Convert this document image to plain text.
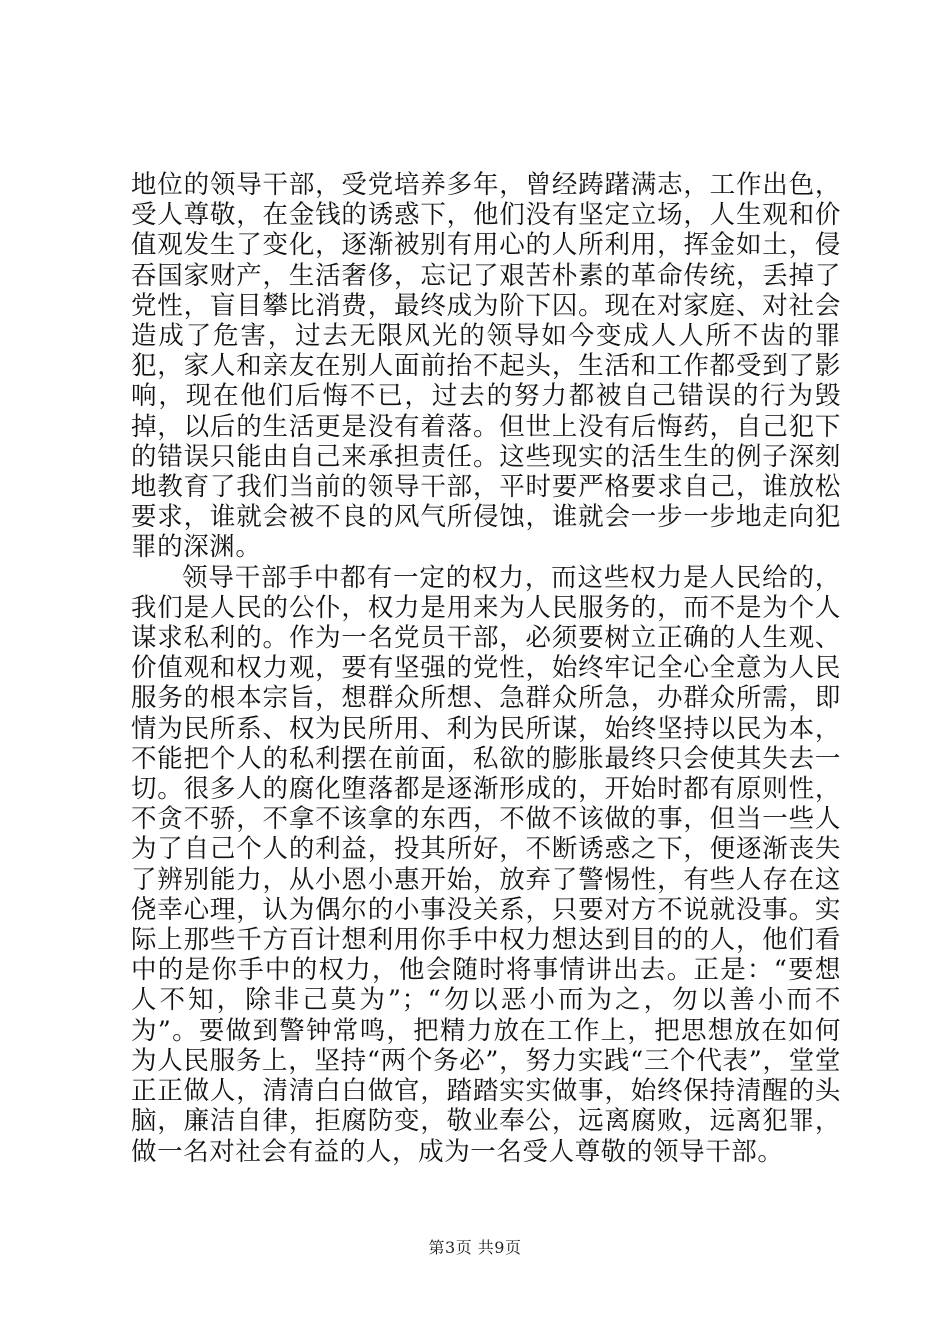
地位的领导干部，受党培养多年，曾经踌躇满志，工作出色，受人尊敬，在金钱的诱惑下，他们没有坚定立场，人生观和价值观发生了变化，逐渐被别有用心的人所利用，挥金如土，侵吞国家财产，生活奢侈，忘记了艰苦朴素的革命传统，丢掉了党性，盲目攀比消费，最终成为阶下囚。现在对家庭、对社会造成了危害，过去无限风光的领导如今变成人人所不齿的罪犯，家人和亲友在别人面前抬不起头，生活和工作都受到了影响，现在他们后悔不已，过去的努力都被自己错误的行为毁掉，以后的生活更是没有着落。但世上没有后悔药，自己犯下的错误只能由自己来承担责任。这些现实的活生生的例子深刻地教育了我们当前的领导干部，平时要严格要求自己，谁放松要求，谁就会被不良的风气所侵蚀，谁就会一步一步地走向犯罪的深渊。

领导干部手中都有一定的权力，而这些权力是人民给的，我们是人民的公仆，权力是用来为人民服务的，而不是为个人谋求私利的。作为一名党员干部，必须要树立正确的人生观、价值观和权力观，要有坚强的党性，始终牢记全心全意为人民服务的根本宗旨，想群众所想、急群众所急，办群众所需，即情为民所系、权为民所用、利为民所谋，始终坚持以民为本，不能把个人的私利摆在前面，私欲的膨胀最终只会使其失去一切。很多人的腐化堕落都是逐渐形成的，开始时都有原则性，不贪不骄，不拿不该拿的东西，不做不该做的事，但当一些人为了自己个人的利益，投其所好，不断诱惑之下，便逐渐丧失了辨别能力，从小恩小惠开始，放弃了警惕性，有些人存在这侥幸心理，认为偶尔的小事没关系，只要对方不说就没事。实际上那些千方百计想利用你手中权力想达到目的的人，他们看中的是你手中的权力，他会随时将事情讲出去。正是：“要想人不知，除非己莫为”；“勿以恶小而为之，勿以善小而不为”。要做到警钟常鸣，把精力放在工作上，把思想放在如何为人民服务上，坚持“两个务必”，努力实践“三个代表”，堂堂正正做人，清清白白做官，踏踏实实做事，始终保持清醒的头脑，廉洁自律，拒腐防变，敬业奉公，远离腐败，远离犯罪，做一名对社会有益的人，成为一名受人尊敬的领导干部。

第3页 共9页
